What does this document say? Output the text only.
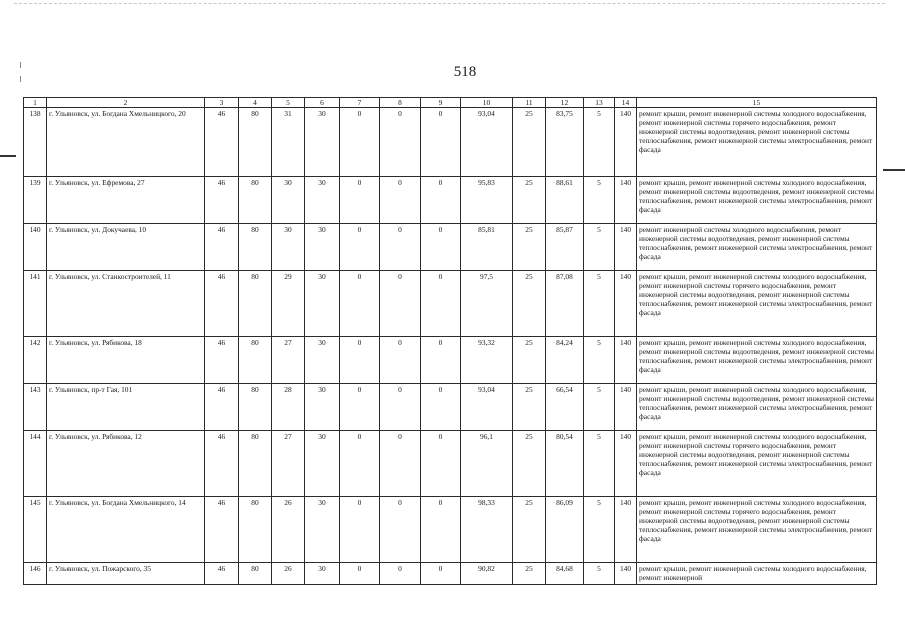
518
1	2	3	4	5	6	7	8	9	10	11	12	13	14	15
138	г. Ульяновск, ул. Богдана Хмельницкого, 20	46	80	31	30	0	0	0	93,04	25	83,75	5	140	ремонт крыши, ремонт инженерной системы холодного водоснабжения, ремонт инженерной системы горячего водоснабжения, ремонт инженерной системы водоотведения, ремонт инженерной системы теплоснабжения, ремонт инженерной системы электроснабжения, ремонт фасада
139	г. Ульяновск, ул. Ефремова, 27	46	80	30	30	0	0	0	95,83	25	88,61	5	140	ремонт крыши, ремонт инженерной системы холодного водоснабжения, ремонт инженерной системы водоотведения, ремонт инженерной системы теплоснабжения, ремонт инженерной системы электроснабжения, ремонт фасада
140	г. Ульяновск, ул. Докучаева, 10	46	80	30	30	0	0	0	85,81	25	85,87	5	140	ремонт инженерной системы холодного водоснабжения, ремонт инженерной системы водоотведения, ремонт инженерной системы теплоснабжения, ремонт инженерной системы электроснабжения, ремонт фасада
141	г. Ульяновск, ул. Станкостроителей, 11	46	80	29	30	0	0	0	97,5	25	87,08	5	140	ремонт крыши, ремонт инженерной системы холодного водоснабжения, ремонт инженерной системы горячего водоснабжения, ремонт инженерной системы водоотведения, ремонт инженерной системы теплоснабжения, ремонт инженерной системы электроснабжения, ремонт фасада
142	г. Ульяновск, ул. Рябикова, 18	46	80	27	30	0	0	0	93,32	25	84,24	5	140	ремонт крыши, ремонт инженерной системы холодного водоснабжения, ремонт инженерной системы водоотведения, ремонт инженерной системы теплоснабжения, ремонт инженерной системы электроснабжения, ремонт фасада
143	г. Ульяновск, пр-т Гая, 101	46	80	28	30	0	0	0	93,04	25	66,54	5	140	ремонт крыши, ремонт инженерной системы холодного водоснабжения, ремонт инженерной системы водоотведения, ремонт инженерной системы теплоснабжения, ремонт инженерной системы электроснабжения, ремонт фасада
144	г. Ульяновск, ул. Рябикова, 12	46	80	27	30	0	0	0	96,1	25	80,54	5	140	ремонт крыши, ремонт инженерной системы холодного водоснабжения, ремонт инженерной системы горячего водоснабжения, ремонт инженерной системы водоотведения, ремонт инженерной системы теплоснабжения, ремонт инженерной системы электроснабжения, ремонт фасада
145	г. Ульяновск, ул. Богдана Хмельницкого, 14	46	80	26	30	0	0	0	98,33	25	86,09	5	140	ремонт крыши, ремонт инженерной системы холодного водоснабжения, ремонт инженерной системы горячего водоснабжения, ремонт инженерной системы водоотведения, ремонт инженерной системы теплоснабжения, ремонт инженерной системы электроснабжения, ремонт фасада
146	г. Ульяновск, ул. Пожарского, 35	46	80	26	30	0	0	0	90,82	25	84,68	5	140	ремонт крыши, ремонт инженерной системы холодного водоснабжения, ремонт инженерной
